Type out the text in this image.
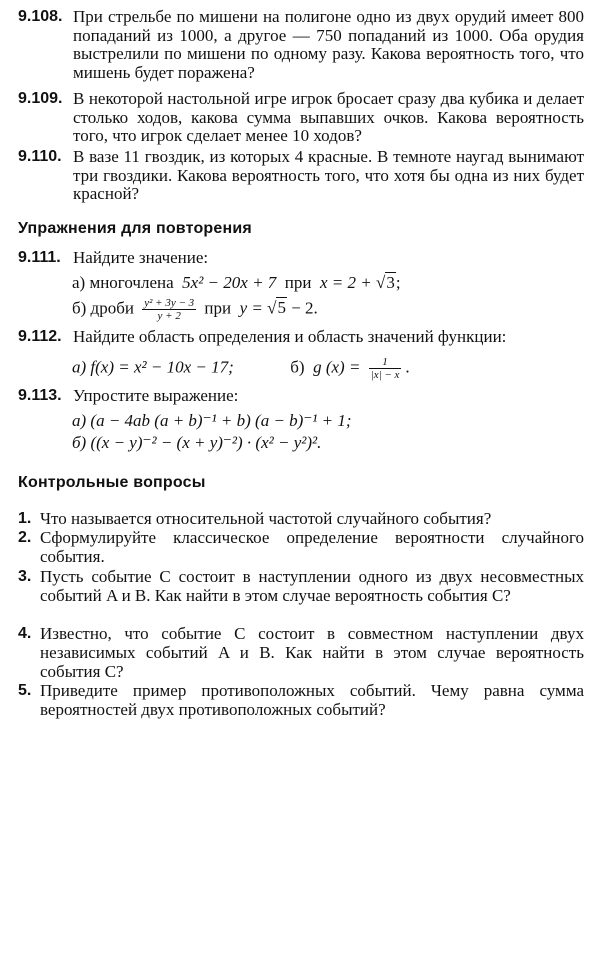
9.108. При стрельбе по мишени на полигоне одно из двух орудий имеет 800 попаданий из 1000, а другое — 750 попаданий из 1000. Оба орудия выстрелили по мишени по одному разу. Какова вероятность того, что мишень будет поражена?
9.109. В некоторой настольной игре игрок бросает сразу два кубика и делает столько ходов, какова сумма выпавших очков. Какова вероятность того, что игрок сделает менее 10 ходов?
9.110. В вазе 11 гвоздик, из которых 4 красные. В темноте наугад вынимают три гвоздики. Какова вероятность того, что хотя бы одна из них будет красной?
Упражнения для повторения
9.111. Найдите значение:
а) многочлена 5x² − 20x + 7 при x = 2 + √3;
б) дроби $\frac{\text{y² + 3y − 3}}{y + 2}$ при y = √5 − 2.
9.112. Найдите область определения и область значений функции:
а) f(x) = x² − 10x − 17;	б) g $(x) = \frac{1}{|x| - x}$ .
9.113. Упростите выражение:
а) (a − 4ab (a + b)⁻¹ + b) (a − b)⁻¹ + 1;
б) ((x − y)⁻² − (x + y)⁻²) · (x² − y²)².
Контрольные вопросы
1. Что называется относительной частотой случайного события?
2. Сформулируйте классическое определение вероятности случайного события.
3. Пусть событие C состоит в наступлении одного из двух несовместных событий A и B. Как найти в этом случае вероятность события C?
4. Известно, что событие C состоит в совместном наступлении двух независимых событий A и B. Как найти в этом случае вероятность события C?
5. Приведите пример противоположных событий. Чему равна сумма вероятностей двух противоположных событий?
